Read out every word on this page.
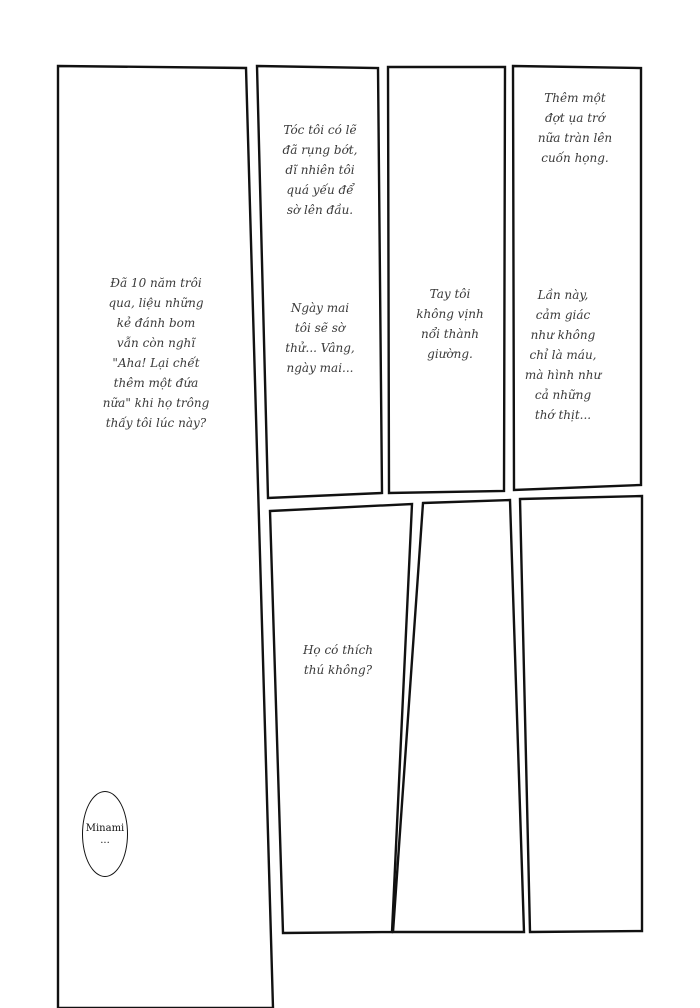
Đã 10 năm trôi
qua, liệu những
kẻ đánh bom
vẫn còn nghĩ
"Aha! Lại chết
thêm một đứa
nữa" khi họ trông
thấy tôi lúc này?
Tóc tôi có lẽ
đã rụng bớt,
dĩ nhiên tôi
quá yếu để
sờ lên đầu.
Ngày mai
tôi sẽ sờ
thử... Vâng,
ngày mai...
Tay tôi
không vịnh
nổi thành
giường.
Thêm một
đợt ụa trớ
nữa tràn lên
cuốn họng.
Lần này,
cảm giác
như không
chỉ là máu,
mà hình như
cả những
thớ thịt...
Họ có thích
thú không?
Minami
...
